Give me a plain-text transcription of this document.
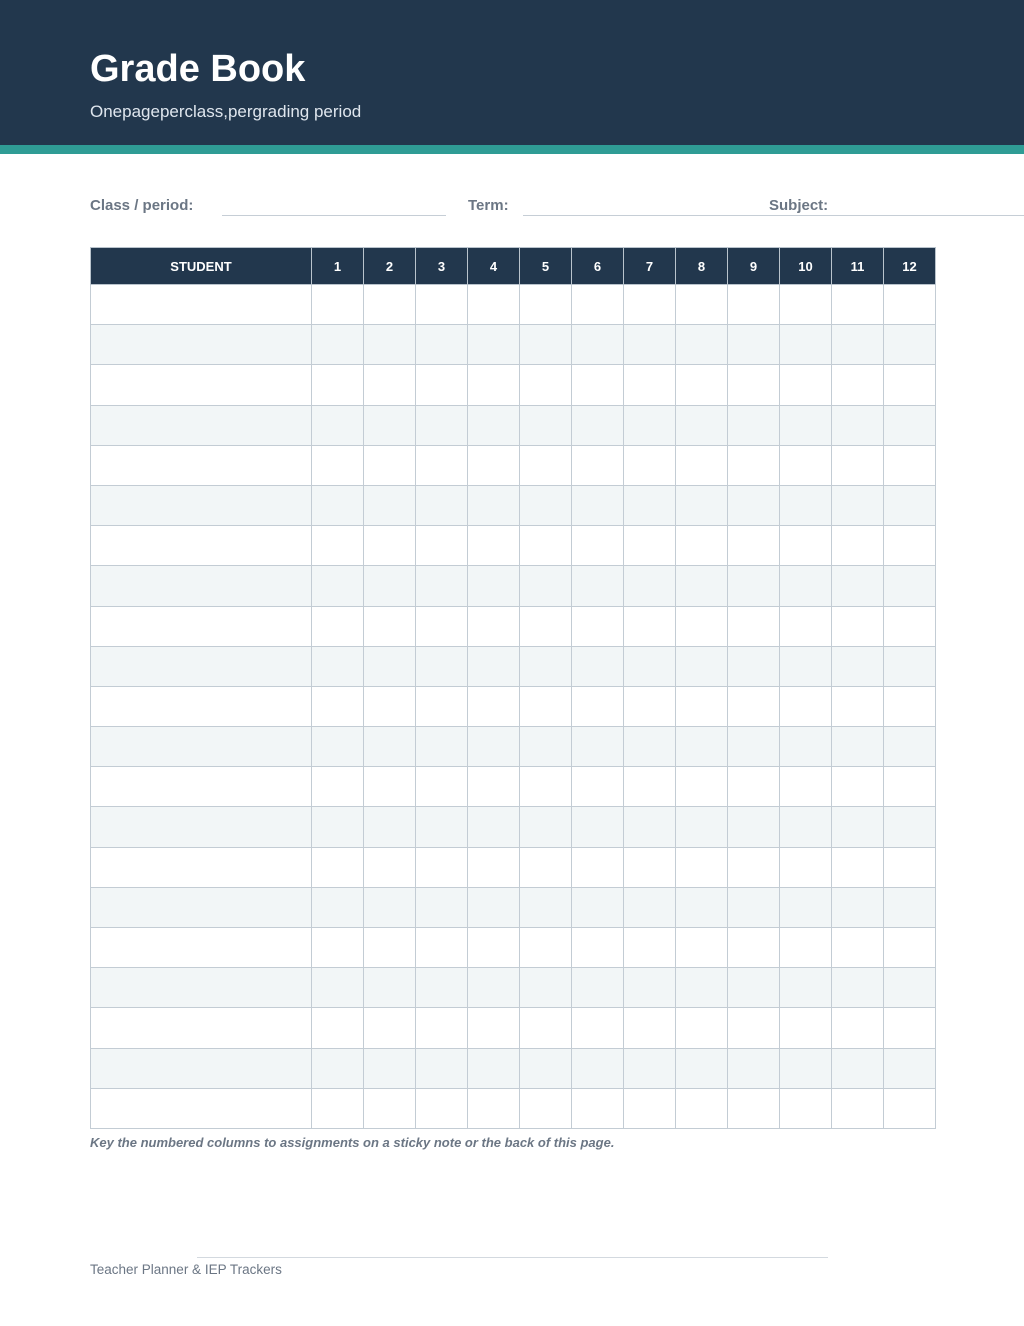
Grade Book
Onepageperclass,pergrading period
Class / period:	Term:	Subject:
STUDENT	1	2	3	4	5	6	7	8	9	10	11	12

Key the numbered columns to assignments on a sticky note or the back of this page.
Teacher Planner & IEP Trackers
